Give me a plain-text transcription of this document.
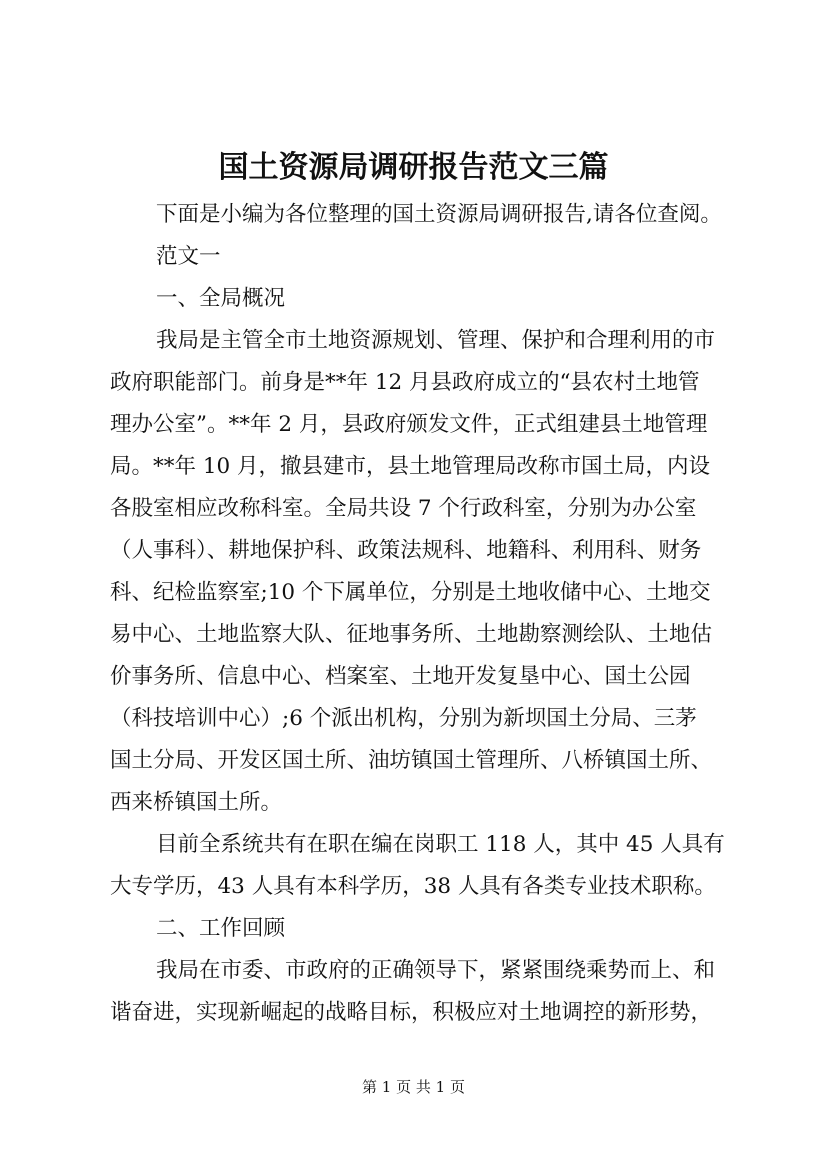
国土资源局调研报告范文三篇
下面是小编为各位整理的国土资源局调研报告,请各位查阅。
范文一
一、全局概况
我局是主管全市土地资源规划、管理、保护和合理利用的市
政府职能部门。前身是**年 12 月县政府成立的“县农村土地管
理办公室”。**年 2 月，县政府颁发文件，正式组建县土地管理
局。**年 10 月，撤县建市，县土地管理局改称市国土局，内设
各股室相应改称科室。全局共设 7 个行政科室，分别为办公室
（人事科）、耕地保护科、政策法规科、地籍科、利用科、财务
科、纪检监察室;10 个下属单位，分别是土地收储中心、土地交
易中心、土地监察大队、征地事务所、土地勘察测绘队、土地估
价事务所、信息中心、档案室、土地开发复垦中心、国土公园
（科技培训中心）;6 个派出机构，分别为新坝国土分局、三茅
国土分局、开发区国土所、油坊镇国土管理所、八桥镇国土所、
西来桥镇国土所。
目前全系统共有在职在编在岗职工 118 人，其中 45 人具有
大专学历，43 人具有本科学历，38 人具有各类专业技术职称。
二、工作回顾
我局在市委、市政府的正确领导下，紧紧围绕乘势而上、和
谐奋进，实现新崛起的战略目标，积极应对土地调控的新形势，
第 1 页 共 1 页
